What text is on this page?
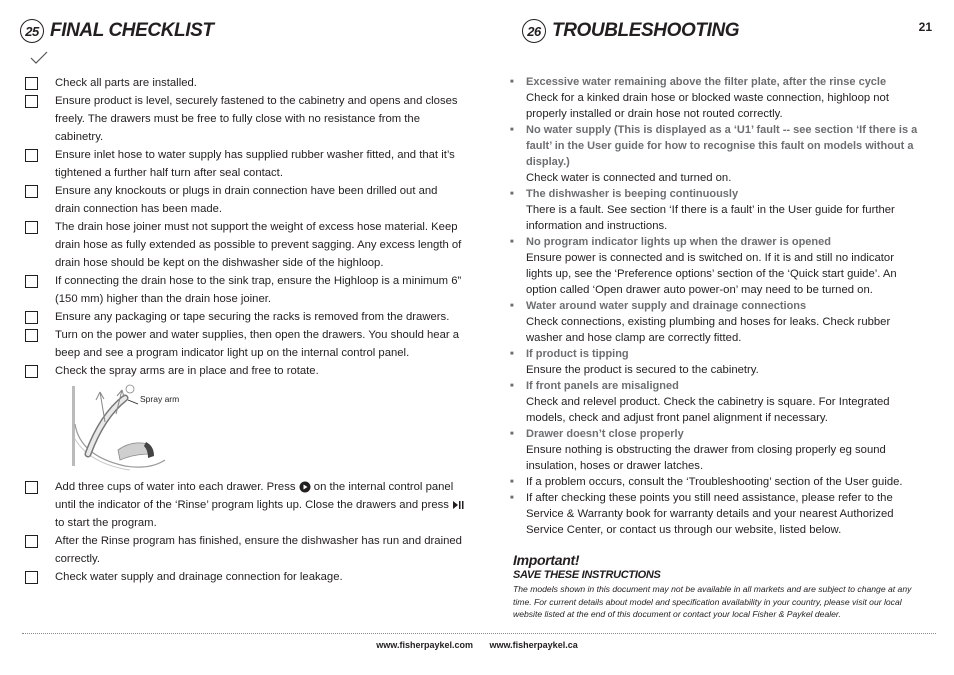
21
25 FINAL CHECKLIST
Check all parts are installed.
Ensure product is level, securely fastened to the cabinetry and opens and closes freely. The drawers must be free to fully close with no resistance from the cabinetry.
Ensure inlet hose to water supply has supplied rubber washer fitted, and that it’s tightened a further half turn after seal contact.
Ensure any knockouts or plugs in drain connection have been drilled out and drain connection has been made.
The drain hose joiner must not support the weight of excess hose material. Keep drain hose as fully extended as possible to prevent sagging. Any excess length of drain hose should be kept on the dishwasher side of the highloop.
If connecting the drain hose to the sink trap, ensure the Highloop is a minimum 6” (150 mm) higher than the drain hose joiner.
Ensure any packaging or tape securing the racks is removed from the drawers.
Turn on the power and water supplies, then open the drawers. You should hear a beep and see a program indicator light up on the internal control panel.
Check the spray arms are in place and free to rotate.
Spray arm
Add three cups of water into each drawer. Press on the internal control panel until the indicator of the ‘Rinse’ program lights up. Close the drawers and press  to start the program.
After the Rinse program has finished, ensure the dishwasher has run and drained correctly.
Check water supply and drainage connection for leakage.
26 TROUBLESHOOTING
■	Excessive water remaining above the filter plate, after the rinse cycle
Check for a kinked drain hose or blocked waste connection, highloop not properly installed or drain hose not routed correctly.
■	No water supply (This is displayed as a ‘U1’ fault -- see section ‘If there is a fault’ in the User guide for how to recognise this fault on models without a display.)
Check water is connected and turned on.
■	The dishwasher is beeping continuously
There is a fault. See section ‘If there is a fault’ in the User guide for further information and instructions.
■	No program indicator lights up when the drawer is opened
Ensure power is connected and is switched on. If it is and still no indicator lights up, see the ‘Preference options’ section of the ‘Quick start guide’. An option called ‘Open drawer auto power-on’ may need to be turned on.
■	Water around water supply and drainage connections
Check connections, existing plumbing and hoses for leaks. Check rubber washer and hose clamp are correctly fitted.
■	If product is tipping
Ensure the product is secured to the cabinetry.
■	If front panels are misaligned
Check and relevel product. Check the cabinetry is square. For Integrated models, check and adjust front panel alignment if necessary.
■	Drawer doesn’t close properly
Ensure nothing is obstructing the drawer from closing properly eg sound insulation, hoses or drawer latches.
■	If a problem occurs, consult the ‘Troubleshooting’ section of the User guide.
■	If after checking these points you still need assistance, please refer to the Service & Warranty book for warranty details and your nearest Authorized Service Center, or contact us through our website, listed below.
Important!
SAVE THESE INSTRUCTIONS
The models shown in this document may not be available in all markets and are subject to change at any time. For current details about model and specification availability in your country, please visit our local website listed at the end of this document or contact your local Fisher & Paykel dealer.
www.fisherpaykel.com www.fisherpaykel.ca
